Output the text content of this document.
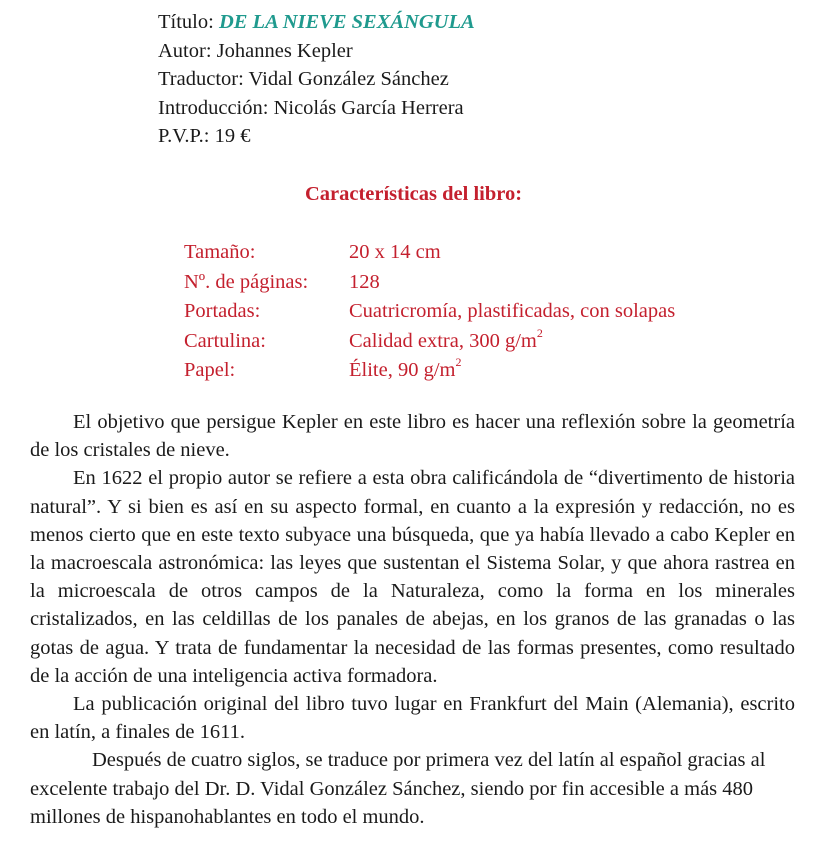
Título: DE LA NIEVE SEXÁNGULA
Autor: Johannes Kepler
Traductor: Vidal González Sánchez
Introducción: Nicolás García Herrera
P.V.P.: 19 €
Características del libro:
Tamaño:	20 x 14 cm
Nº. de páginas: 128
Portadas:	Cuatricromía, plastificadas, con solapas
Cartulina:	Calidad extra, 300 $g/m^2$
Papel:	Élite, 90 $g/m^2$

El objetivo que persigue Kepler en este libro es hacer una reflexión sobre la geometría de los cristales de nieve.

En 1622 el propio autor se refiere a esta obra calificándola de “divertimento de historia natural”. Y si bien es así en su aspecto formal, en cuanto a la expresión y redacción, no es menos cierto que en este texto subyace una búsqueda, que ya había llevado a cabo Kepler en la macroescala astronómica: las leyes que sustentan el Sistema Solar, y que ahora rastrea en la microescala de otros campos de la Naturaleza, como la forma en los minerales cristalizados, en las celdillas de los panales de abejas, en los granos de las granadas o las gotas de agua. Y trata de fundamentar la necesidad de las formas presentes, como resultado de la acción de una inteligencia activa formadora.

La publicación original del libro tuvo lugar en Frankfurt del Main (Alemania), escrito en latín, a finales de 1611.

Después de cuatro siglos, se traduce por primera vez del latín al español gracias al excelente trabajo del Dr. D. Vidal González Sánchez, siendo por fin accesible a más 480 millones de hispanohablantes en todo el mundo.
